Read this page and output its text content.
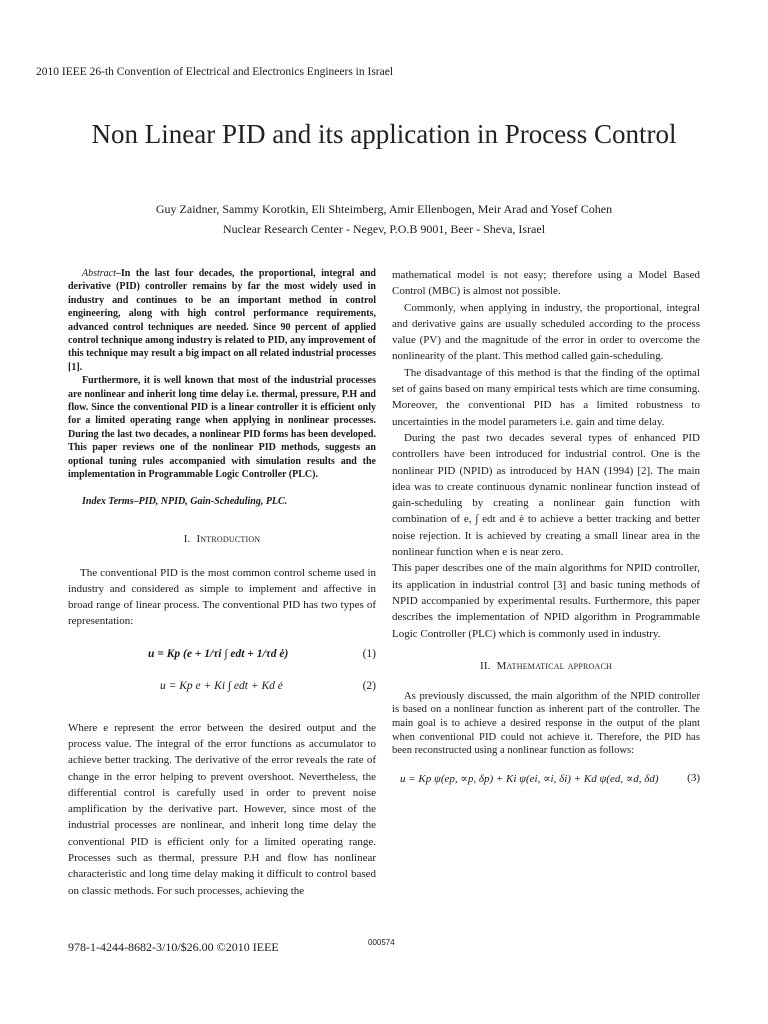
2010 IEEE 26-th Convention of Electrical and Electronics Engineers in Israel
Non Linear PID and its application in Process Control
Guy Zaidner, Sammy Korotkin, Eli Shteimberg, Amir Ellenbogen, Meir Arad and Yosef Cohen
Nuclear Research Center - Negev, P.O.B 9001, Beer - Sheva, Israel

Abstract–In the last four decades, the proportional, integral and derivative (PID) controller remains by far the most widely used in industry and continues to be an important method in control engineering, along with high control performance requirements, advanced control techniques are needed. Since 90 percent of applied control technique among industry is related to PID, any improvement of this technique may result a big impact on all related industrial processes [1].

Furthermore, it is well known that most of the industrial processes are nonlinear and inherit long time delay i.e. thermal, pressure, P.H and flow. Since the conventional PID is a linear controller it is efficient only for a limited operating range when applying in nonlinear processes. During the last two decades, a nonlinear PID forms has been developed. This paper reviews one of the nonlinear PID methods, suggests an optional tuning rules accompanied with simulation results and the implementation in Programmable Logic Controller (PLC).

Index Terms–PID, NPID, Gain-Scheduling, PLC.
I. Introduction

The conventional PID is the most common control scheme used in industry and considered as simple to implement and affective in broad range of linear process. The conventional PID has two types of representation:

u = Kp (e + 1/τi ∫ edt + 1/τd ė)	(1)
u = Kp e + Ki ∫ edt + Kd ė	(2)

Where e represent the error between the desired output and the process value. The integral of the error functions as accumulator to achieve better tracking. The derivative of the error reveals the rate of change in the error helping to prevent overshoot. Nevertheless, the differential control is carefully used in order to prevent noise amplification by the derivative part. However, since most of the industrial processes are nonlinear, and inherit long time delay the conventional PID is efficient only for a limited operating range. Processes such as thermal, pressure P.H and flow has nonlinear characteristic and long time delay making it difficult to control based on classic methods. For such processes, achieving the

mathematical model is not easy; therefore using a Model Based Control (MBC) is almost not possible.

Commonly, when applying in industry, the proportional, integral and derivative gains are usually scheduled according to the process value (PV) and the magnitude of the error in order to overcome the nonlinearity of the plant. This method called gain-scheduling.

The disadvantage of this method is that the finding of the optimal set of gains based on many empirical tests which are time consuming. Moreover, the conventional PID has a limited robustness to uncertainties in the model parameters i.e. gain and time delay.

During the past two decades several types of enhanced PID controllers have been introduced for industrial control. One is the nonlinear PID (NPID) as introduced by HAN (1994) [2]. The main idea was to create continuous dynamic nonlinear function instead of gain-scheduling by creating a nonlinear gain function with combination of e, ∫ edt and ė to achieve a better tracking and better noise rejection. It is achieved by creating a small linear area in the nonlinear function when e is near zero.

This paper describes one of the main algorithms for NPID controller, its application in industrial control [3] and basic tuning methods of NPID accompanied by experimental results. Furthermore, this paper describes the implementation of NPID algorithm in Programmable Logic Controller (PLC) which is commonly used in industry.

II. Mathematical approach

As previously discussed, the main algorithm of the NPID controller is based on a nonlinear function as inherent part of the controller. The main goal is to achieve a desired response in the output of the plant when conventional PID could not achieve it. Therefore, the PID has been reconstructed using a nonlinear function as follows:

u = Kp ψ(ep, ∝p, δp) + Ki ψ(ei, ∝i, δi) + Kd ψ(ed, ∝d, δd)	(3)
978-1-4244-8682-3/10/$26.00 ©2010 IEEE	000574
